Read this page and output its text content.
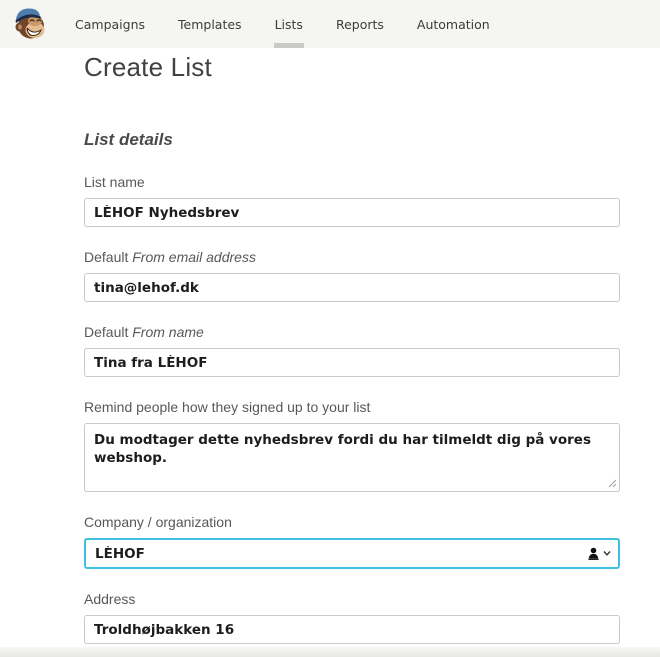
Campaigns	Templates	Lists	Reports	Automation
Create List
List details
List name
LÈHOF Nyhedsbrev
Default From email address
tina@lehof.dk
Default From name
Tina fra LÈHOF
Remind people how they signed up to your list
Du modtager dette nyhedsbrev fordi du har tilmeldt dig på vores webshop.
Company / organization
LÈHOF
Address
Troldhøjbakken 16
